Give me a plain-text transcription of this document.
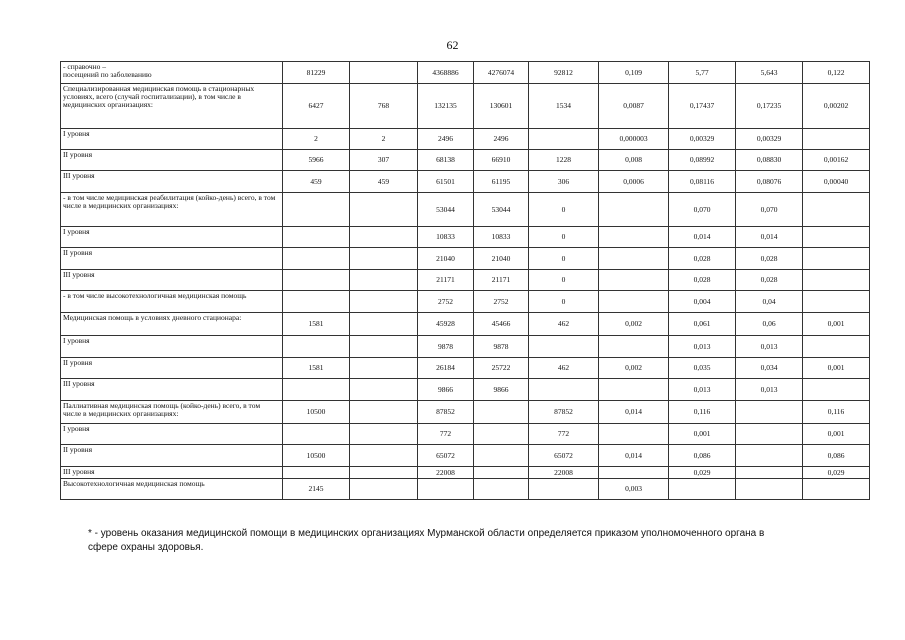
62
- справочно –
посещений по заболеванию	81229		4368886	4276074	92812	0,109	5,77	5,643	0,122
Специализированная медицинская помощь в стационарных условиях, всего (случай госпитализации), в том числе в медицинских организациях:	6427	768	132135	130601	1534	0,0087	0,17437	0,17235	0,00202
I уровня	2	2	2496	2496		0,000003	0,00329	0,00329	
II уровня	5966	307	68138	66910	1228	0,008	0,08992	0,08830	0,00162
III уровня	459	459	61501	61195	306	0,0006	0,08116	0,08076	0,00040
- в том числе медицинская реабилитация (койко-день) всего, в том числе в медицинских организациях:			53044	53044	0		0,070	0,070	
I уровня			10833	10833	0		0,014	0,014	
II уровня			21040	21040	0		0,028	0,028	
III уровня			21171	21171	0		0,028	0,028	
- в том числе высокотехнологичная медицинская помощь			2752	2752	0		0,004	0,04	
Медицинская помощь в условиях дневного стационара:	1581		45928	45466	462	0,002	0,061	0,06	0,001
I уровня			9878	9878			0,013	0,013	
II уровня	1581		26184	25722	462	0,002	0,035	0,034	0,001
III уровня			9866	9866			0,013	0,013	
Паллиативная медицинская помощь (койко-день) всего, в том числе в медицинских организациях:	10500		87852		87852	0,014	0,116		0,116
I уровня			772		772		0,001		0,001
II уровня	10500		65072		65072	0,014	0,086		0,086
III уровня			22008		22008		0,029		0,029
Высокотехнологичная медицинская помощь	2145					0,003			
* - уровень оказания медицинской помощи в медицинских организациях Мурманской области определяется приказом уполномоченного органа в сфере охраны здоровья.
